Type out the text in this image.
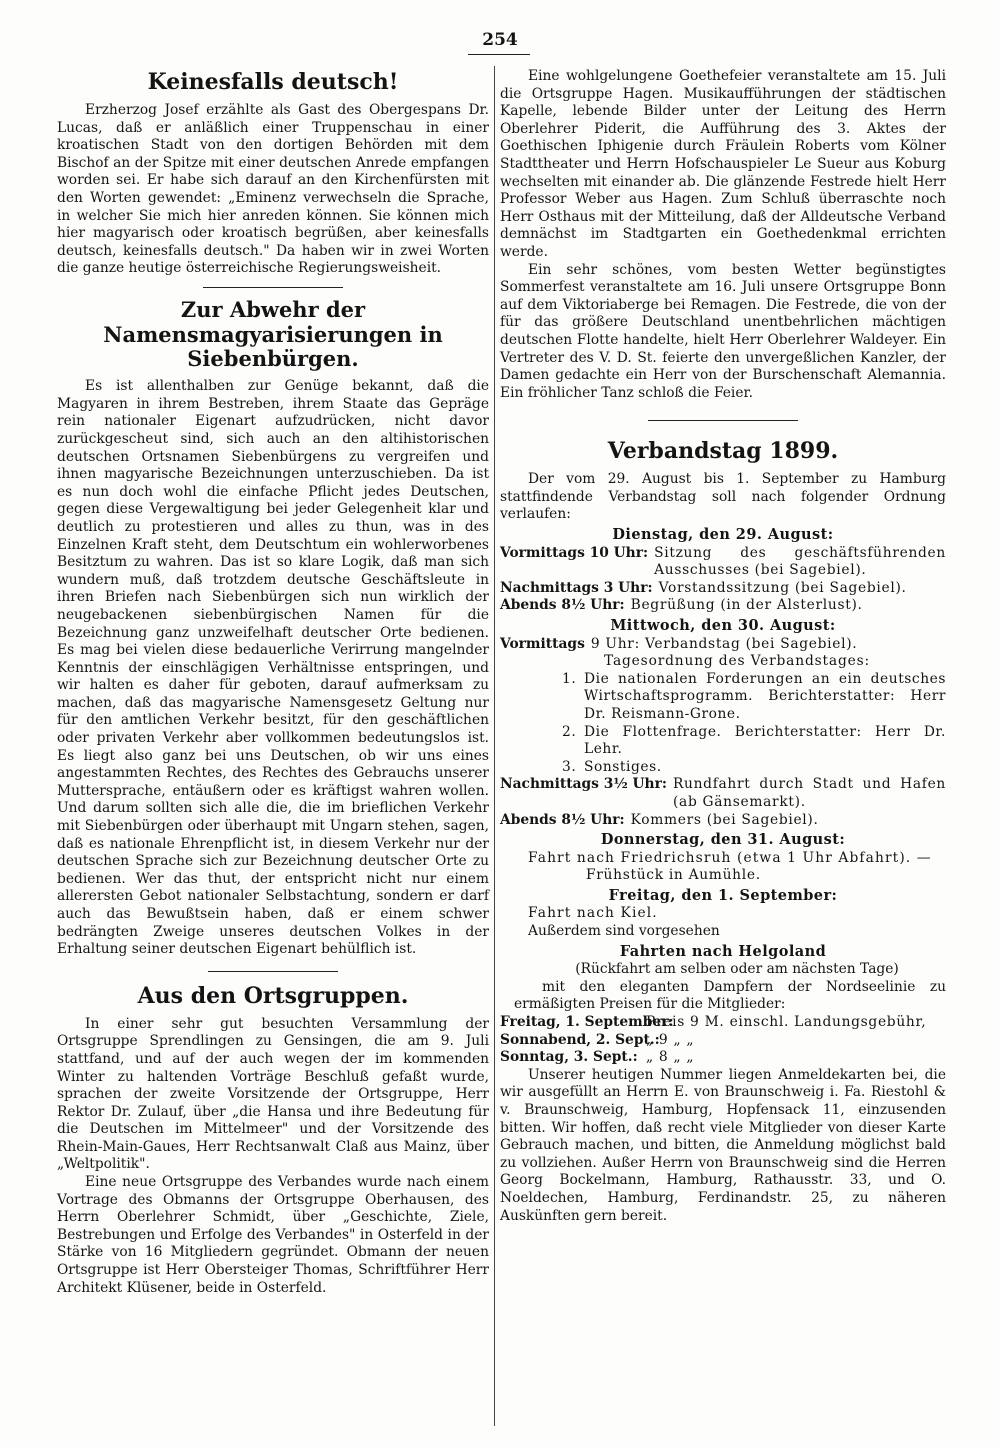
254
Keinesfalls deutsch!

Erzherzog Josef erzählte als Gast des Obergespans Dr. Lucas, daß er anläßlich einer Truppenschau in einer kroatischen Stadt von den dortigen Behörden mit dem Bischof an der Spitze mit einer deutschen Anrede empfangen worden sei. Er habe sich darauf an den Kirchenfürsten mit den Worten gewendet: „Eminenz verwechseln die Sprache, in welcher Sie mich hier anreden können. Sie können mich hier magyarisch oder kroatisch begrüßen, aber keinesfalls deutsch, keinesfalls deutsch." Da haben wir in zwei Worten die ganze heutige österreichische Regierungsweisheit.

Zur Abwehr der
Namensmagyarisierungen in Siebenbürgen.

Es ist allenthalben zur Genüge bekannt, daß die Magyaren in ihrem Bestreben, ihrem Staate das Gepräge rein nationaler Eigenart aufzudrücken, nicht davor zurückgescheut sind, sich auch an den altihistorischen deutschen Ortsnamen Siebenbürgens zu vergreifen und ihnen magyarische Bezeichnungen unterzuschieben. Da ist es nun doch wohl die einfache Pflicht jedes Deutschen, gegen diese Vergewaltigung bei jeder Gelegenheit klar und deutlich zu protestieren und alles zu thun, was in des Einzelnen Kraft steht, dem Deutschtum ein wohlerworbenes Besitztum zu wahren. Das ist so klare Logik, daß man sich wundern muß, daß trotzdem deutsche Geschäftsleute in ihren Briefen nach Siebenbürgen sich nun wirklich der neugebackenen siebenbürgischen Namen für die Bezeichnung ganz unzweifelhaft deutscher Orte bedienen. Es mag bei vielen diese bedauerliche Verirrung mangelnder Kenntnis der einschlägigen Verhältnisse entspringen, und wir halten es daher für geboten, darauf aufmerksam zu machen, daß das magyarische Namensgesetz Geltung nur für den amtlichen Verkehr besitzt, für den geschäftlichen oder privaten Verkehr aber vollkommen bedeutungslos ist. Es liegt also ganz bei uns Deutschen, ob wir uns eines angestammten Rechtes, des Rechtes des Gebrauchs unserer Muttersprache, entäußern oder es kräftigst wahren wollen. Und darum sollten sich alle die, die im brieflichen Verkehr mit Siebenbürgen oder überhaupt mit Ungarn stehen, sagen, daß es nationale Ehrenpflicht ist, in diesem Verkehr nur der deutschen Sprache sich zur Bezeichnung deutscher Orte zu bedienen. Wer das thut, der entspricht nicht nur einem allerersten Gebot nationaler Selbstachtung, sondern er darf auch das Bewußtsein haben, daß er einem schwer bedrängten Zweige unseres deutschen Volkes in der Erhaltung seiner deutschen Eigenart behülflich ist.

Aus den Ortsgruppen.

In einer sehr gut besuchten Versammlung der Ortsgruppe Sprendlingen zu Gensingen, die am 9. Juli stattfand, und auf der auch wegen der im kommenden Winter zu haltenden Vorträge Beschluß gefaßt wurde, sprachen der zweite Vorsitzende der Ortsgruppe, Herr Rektor Dr. Zulauf, über „die Hansa und ihre Bedeutung für die Deutschen im Mittelmeer" und der Vorsitzende des Rhein-Main-Gaues, Herr Rechtsanwalt Claß aus Mainz, über „Weltpolitik".

Eine neue Ortsgruppe des Verbandes wurde nach einem Vortrage des Obmanns der Ortsgruppe Oberhausen, des Herrn Oberlehrer Schmidt, über „Geschichte, Ziele, Bestrebungen und Erfolge des Verbandes" in Osterfeld in der Stärke von 16 Mitgliedern gegründet. Obmann der neuen Ortsgruppe ist Herr Obersteiger Thomas, Schriftführer Herr Architekt Klüsener, beide in Osterfeld.

Eine wohlgelungene Goethefeier veranstaltete am 15. Juli die Ortsgruppe Hagen. Musikaufführungen der städtischen Kapelle, lebende Bilder unter der Leitung des Herrn Oberlehrer Piderit, die Aufführung des 3. Aktes der Goethischen Iphigenie durch Fräulein Roberts vom Kölner Stadttheater und Herrn Hofschauspieler Le Sueur aus Koburg wechselten mit einander ab. Die glänzende Festrede hielt Herr Professor Weber aus Hagen. Zum Schluß überraschte noch Herr Osthaus mit der Mitteilung, daß der Alldeutsche Verband demnächst im Stadtgarten ein Goethedenkmal errichten werde.

Ein sehr schönes, vom besten Wetter begünstigtes Sommerfest veranstaltete am 16. Juli unsere Ortsgruppe Bonn auf dem Viktoriaberge bei Remagen. Die Festrede, die von der für das größere Deutschland unentbehrlichen mächtigen deutschen Flotte handelte, hielt Herr Oberlehrer Waldeyer. Ein Vertreter des V. D. St. feierte den unvergeßlichen Kanzler, der Damen gedachte ein Herr von der Burschenschaft Alemannia. Ein fröhlicher Tanz schloß die Feier.

Verbandstag 1899.

Der vom 29. August bis 1. September zu Hamburg stattfindende Verbandstag soll nach folgender Ordnung verlaufen:

Dienstag, den 29. August:
Vormittags 10 Uhr: Sitzung des geschäftsführenden Ausschusses (bei Sagebiel).
Nachmittags 3 Uhr: Vorstandssitzung (bei Sagebiel).
Abends 8½ Uhr: Begrüßung (in der Alsterlust).
Mittwoch, den 30. August:
Vormittags 9 Uhr: Verbandstag (bei Sagebiel).

Tagesordnung des Verbandstages:

1. Die nationalen Forderungen an ein deutsches Wirtschaftsprogramm. Berichterstatter: Herr Dr. Reismann-Grone.
2. Die Flottenfrage. Berichterstatter: Herr Dr. Lehr.
3. Sonstiges.
Nachmittags 3½ Uhr: Rundfahrt durch Stadt und Hafen (ab Gänsemarkt).
Abends 8½ Uhr: Kommers (bei Sagebiel).
Donnerstag, den 31. August:

Fahrt nach Friedrichsruh (etwa 1 Uhr Abfahrt). —

Frühstück in Aumühle.

Freitag, den 1. September:

Fahrt nach Kiel.

Außerdem sind vorgesehen

Fahrten nach Helgoland

(Rückfahrt am selben oder am nächsten Tage)

mit den eleganten Dampfern der Nordseelinie zu ermäßigten Preisen für die Mitglieder:

Freitag, 1. September:
Preis 9 M. einschl. Landungsgebühr,
Sonnabend, 2. Sept.:
„ 9 „ „
Sonntag, 3. Sept.: „ 8 „ „

Unserer heutigen Nummer liegen Anmeldekarten bei, die wir ausgefüllt an Herrn E. von Braunschweig i. Fa. Riestohl & v. Braunschweig, Hamburg, Hopfensack 11, einzusenden bitten. Wir hoffen, daß recht viele Mitglieder von dieser Karte Gebrauch machen, und bitten, die Anmeldung möglichst bald zu vollziehen. Außer Herrn von Braunschweig sind die Herren Georg Bockelmann, Hamburg, Rathausstr. 33, und O. Noeldechen, Hamburg, Ferdinandstr. 25, zu näheren Auskünften gern bereit.
